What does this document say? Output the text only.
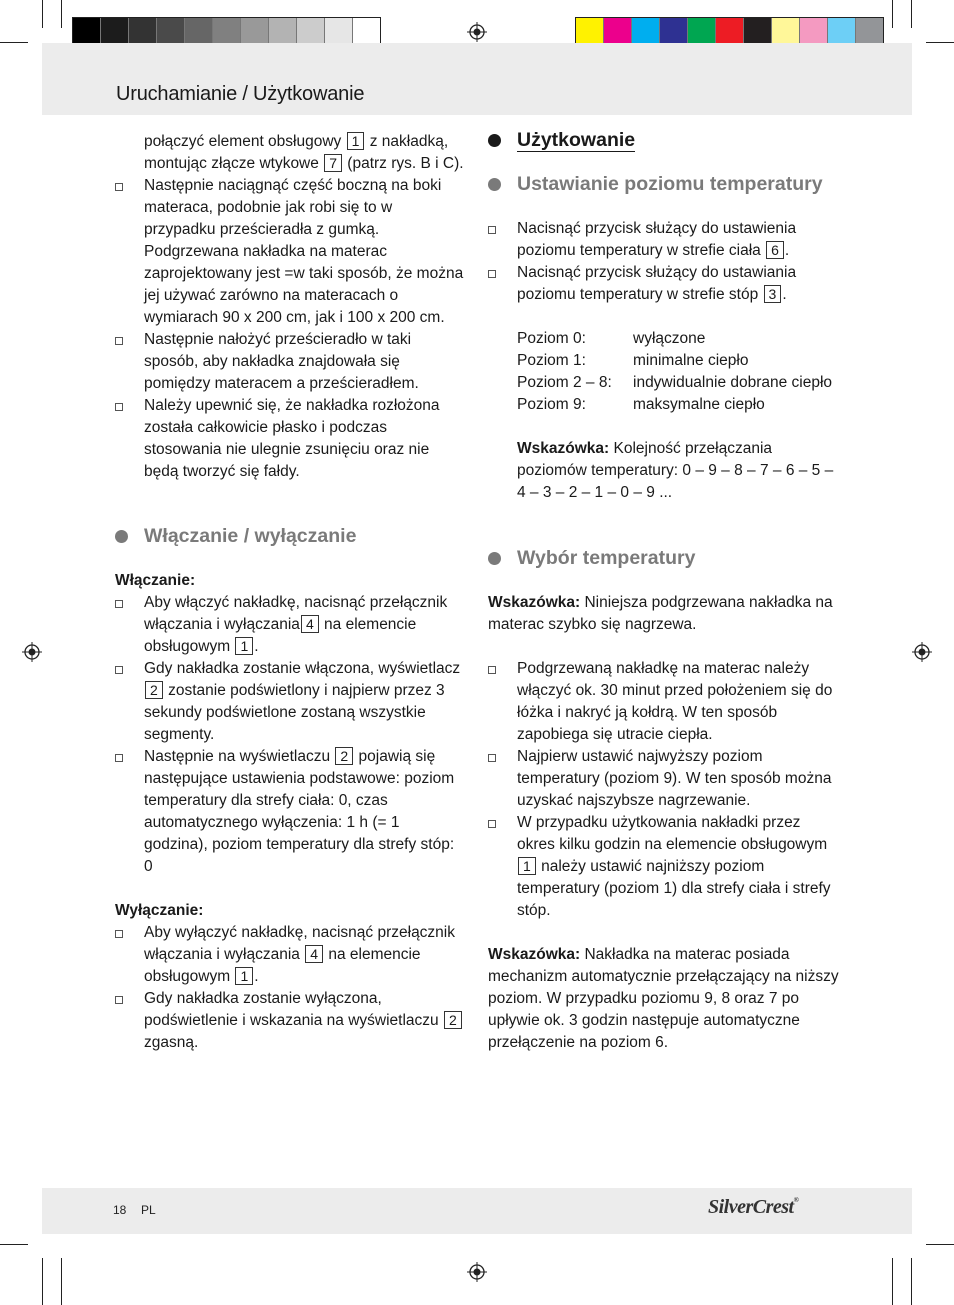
Uruchamianie / Użytkowanie
połączyć element obsługowy 1 z nakładką, montując złącze wtykowe 7 (patrz rys. B i C).
Następnie naciągnąć część boczną na boki materaca, podobnie jak robi się to w przypadku prześcieradła z gumką. Podgrzewana nakładka na materac zaprojektowany jest =w taki sposób, że można jej używać zarówno na materacach o wymiarach 90 x 200 cm, jak i 100 x 200 cm.
Następnie nałożyć prześcieradło w taki sposób, aby nakładka znajdowała się pomiędzy materacem a prześcieradłem.
Należy upewnić się, że nakładka rozłożona została całkowicie płasko i podczas stosowania nie ulegnie zsunięciu oraz nie będą tworzyć się fałdy.
Włączanie / wyłączanie
Włączanie:
Aby włączyć nakładkę, nacisnąć przełącznik włączania i wyłączania 4 na elemencie obsługowym 1 .
Gdy nakładka zostanie włączona, wyświetlacz 2 zostanie podświetlony i najpierw przez 3 sekundy podświetlone zostaną wszystkie segmenty.
Następnie na wyświetlaczu 2 pojawią się następujące ustawienia podstawowe: poziom temperatury dla strefy ciała: 0, czas automatycznego wyłączenia: 1 h (= 1 godzina), poziom temperatury dla strefy stóp: 0
Wyłączanie:
Aby wyłączyć nakładkę, nacisnąć przełącznik włączania i wyłączania 4 na elemencie obsługowym 1 .
Gdy nakładka zostanie wyłączona, podświetlenie i wskazania na wyświetlaczu 2 zgasną.
Użytkowanie
Ustawianie poziomu temperatury
Nacisnąć przycisk służący do ustawienia poziomu temperatury w strefie ciała 6 .
Nacisnąć przycisk służący do ustawiania poziomu temperatury w strefie stóp 3 .
Poziom 0:	wyłączone
Poziom 1:	minimalne ciepło
Poziom 2 – 8:	indywidualnie dobrane ciepło
Poziom 9:	maksymalne ciepło
Wskazówka: Kolejność przełączania poziomów temperatury: 0 – 9 – 8 – 7 – 6 – 5 – 4 – 3 – 2 – 1 – 0 – 9 ...
Wybór temperatury
Wskazówka: Niniejsza podgrzewana nakładka na materac szybko się nagrzewa.
Podgrzewaną nakładkę na materac należy włączyć ok. 30 minut przed położeniem się do łóżka i nakryć ją kołdrą. W ten sposób zapobiega się utracie ciepła.
Najpierw ustawić najwyższy poziom temperatury (poziom 9). W ten sposób można uzyskać najszybsze nagrzewanie.
W przypadku użytkowania nakładki przez okres kilku godzin na elemencie obsługowym 1 należy ustawić najniższy poziom temperatury (poziom 1) dla strefy ciała i strefy stóp.
Wskazówka: Nakładka na materac posiada mechanizm automatycznie przełączający na niższy poziom. W przypadku poziomu 9, 8 oraz 7 po upływie ok. 3 godzin następuje automatyczne przełączenie na poziom 6.
18 PL	SilverCrest®
